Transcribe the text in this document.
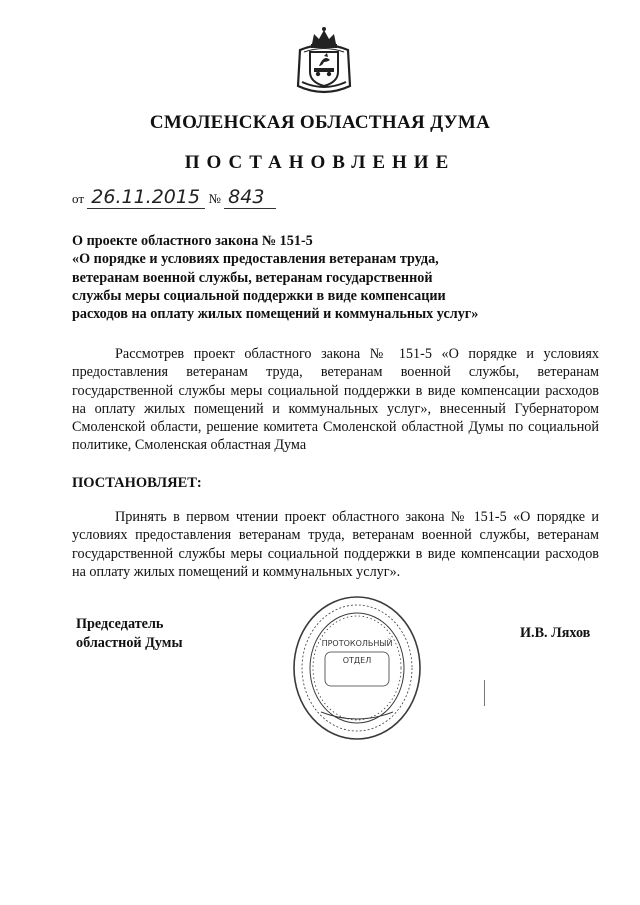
СМОЛЕНСКАЯ ОБЛАСТНАЯ ДУМА
ПОСТАНОВЛЕНИЕ
от 26.11.2015 № 843
О проекте областного закона № 151-5
«О порядке и условиях предоставления ветеранам труда,
ветеранам военной службы, ветеранам государственной
службы меры социальной поддержки в виде компенсации
расходов на оплату жилых помещений и коммунальных услуг»
Рассмотрев проект областного закона № 151-5 «О порядке и условиях предоставления ветеранам труда, ветеранам военной службы, ветеранам государственной службы меры социальной поддержки в виде компенсации расходов на оплату жилых помещений и коммунальных услуг», внесенный Губернатором Смоленской области, решение комитета Смоленской областной Думы по социальной политике, Смоленская областная Дума
ПОСТАНОВЛЯЕТ:
Принять в первом чтении проект областного закона № 151-5 «О порядке и условиях предоставления ветеранам труда, ветеранам военной службы, ветеранам государственной службы меры социальной поддержки в виде компенсации расходов на оплату жилых помещений и коммунальных услуг».
Председатель
областной Думы
И.В. Ляхов
ПРОТОКОЛЬНЫЙ
ОТДЕЛ
